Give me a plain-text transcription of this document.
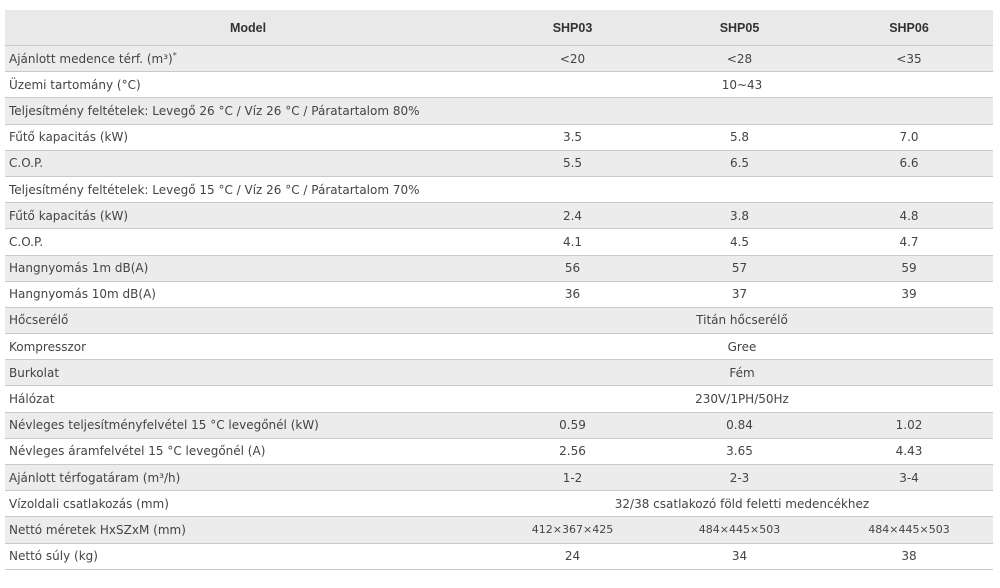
Model	SHP03	SHP05	SHP06
Ajánlott medence térf. (m³)*	<20	<28	<35
Üzemi tartomány (°C)	10~43		
Teljesítmény feltételek: Levegő 26 °C / Víz 26 °C / Páratartalom 80%			
Fűtő kapacitás (kW)	3.5	5.8	7.0
C.O.P.	5.5	6.5	6.6
Teljesítmény feltételek: Levegő 15 °C / Víz 26 °C / Páratartalom 70%			
Fűtő kapacitás (kW)	2.4	3.8	4.8
C.O.P.	4.1	4.5	4.7
Hangnyomás 1m dB(A)	56	57	59
Hangnyomás 10m dB(A)	36	37	39
Hőcserélő	Titán hőcserélő		
Kompresszor	Gree		
Burkolat	Fém		
Hálózat	230V/1PH/50Hz		
Névleges teljesítményfelvétel 15 °C levegőnél (kW)	0.59	0.84	1.02
Névleges áramfelvétel 15 °C levegőnél (A)	2.56	3.65	4.43
Ajánlott térfogatáram (m³/h)	1-2	2-3	3-4
Vízoldali csatlakozás (mm)	32/38 csatlakozó föld feletti medencékhez		
Nettó méretek HxSZxM (mm)	412×367×425	484×445×503	484×445×503
Nettó súly (kg)	24	34	38
